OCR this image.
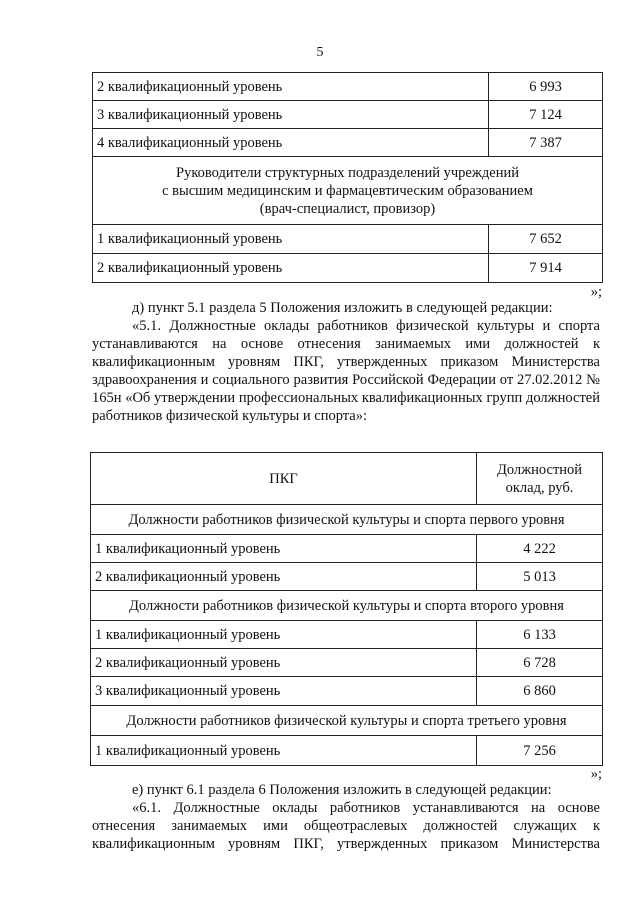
5
2 квалификационный уровень	6 993
3 квалификационный уровень	7 124
4 квалификационный уровень	7 387

Руководители структурных подразделений учреждений
с высшим медицинским и фармацевтическим образованием
(врач-специалист, провизор)	

1 квалификационный уровень	7 652
2 квалификационный уровень	7 914
»;
д) пункт 5.1 раздела 5 Положения изложить в следующей редакции:
«5.1. Должностные оклады работников физической культуры и спорта устанавливаются на основе отнесения занимаемых ими должностей к квалификационным уровням ПКГ, утвержденных приказом Министерства здравоохранения и социального развития Российской Федерации от 27.02.2012 № 165н «Об утверждении профессиональных квалификационных групп должностей работников физической культуры и спорта»:
ПКГ	Должностной
оклад, руб.

Должности работников физической культуры и спорта первого уровня	
1 квалификационный уровень	4 222
2 квалификационный уровень	5 013
Должности работников физической культуры и спорта второго уровня	
1 квалификационный уровень	6 133
2 квалификационный уровень	6 728
3 квалификационный уровень	6 860
Должности работников физической культуры и спорта третьего уровня	
1 квалификационный уровень	7 256
»;
е) пункт 6.1 раздела 6 Положения изложить в следующей редакции:
«6.1. Должностные оклады работников устанавливаются на основе отнесения занимаемых ими общеотраслевых должностей служащих к квалификационным уровням ПКГ, утвержденных приказом Министерства
